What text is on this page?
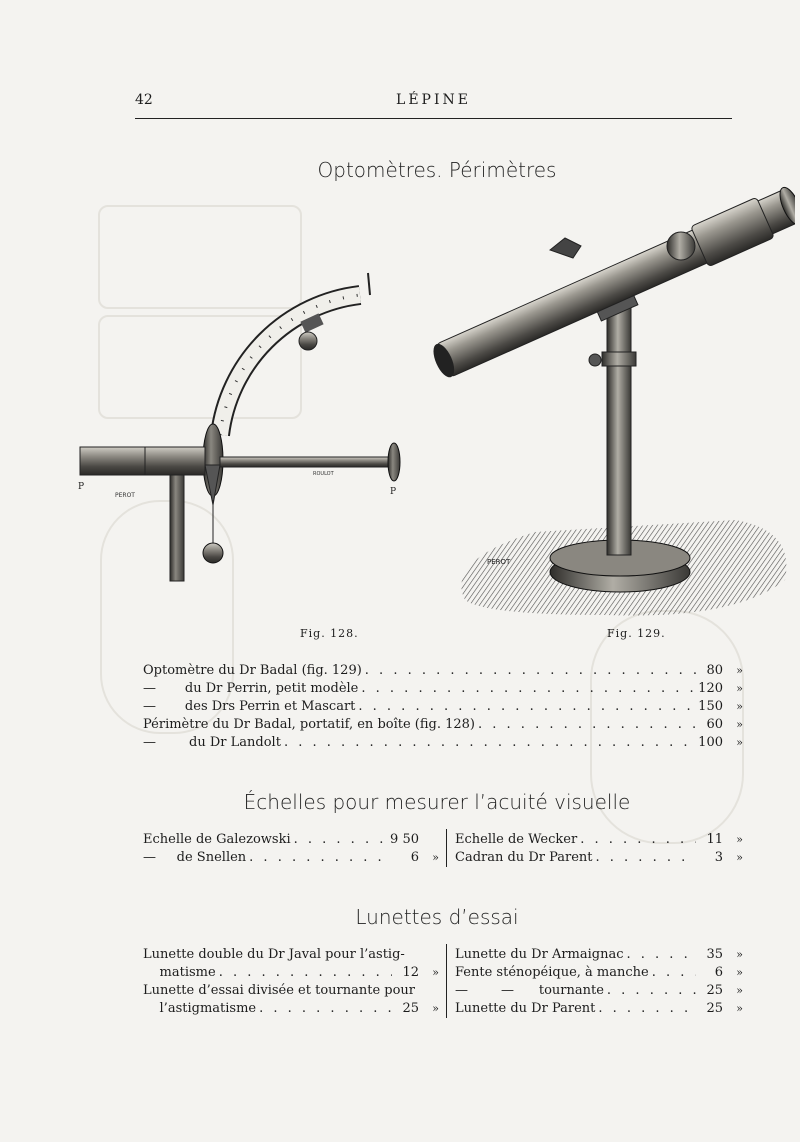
42	LÉPINE
Optomètres. Périmètres
P	P
PEROT
ROULOT
PEROT
Fig. 128.	Fig. 129.
Optomètre du Dr Badal (fig. 129) . . .	80	»
—       du Dr Perrin, petit modèle . . .	120	»
—       des Drs Perrin et Mascart . . .	150	»
Périmètre du Dr Badal, portatif, en boîte (fig. 128) . . .	60	»
—        du Dr Landolt . . .	100	»
Échelles pour mesurer l’acuité visuelle
Echelle de Galezowski . . .	9 50
—     de Snellen . . .	6	»
Echelle de Wecker . . .	11	»
Cadran du Dr Parent . . .	3	»
Lunettes d’essai
Lunette double du Dr Javal pour l’astig-
matisme . . .	12	»
Lunette d’essai divisée et tournante pour
l’astigmatisme . . .	25	»
Lunette du Dr Armaignac . . .	35	»
Fente sténopéique, à manche . . .	6	»
—        —      tournante . . .	25	»
Lunette du Dr Parent . . .	25	»
